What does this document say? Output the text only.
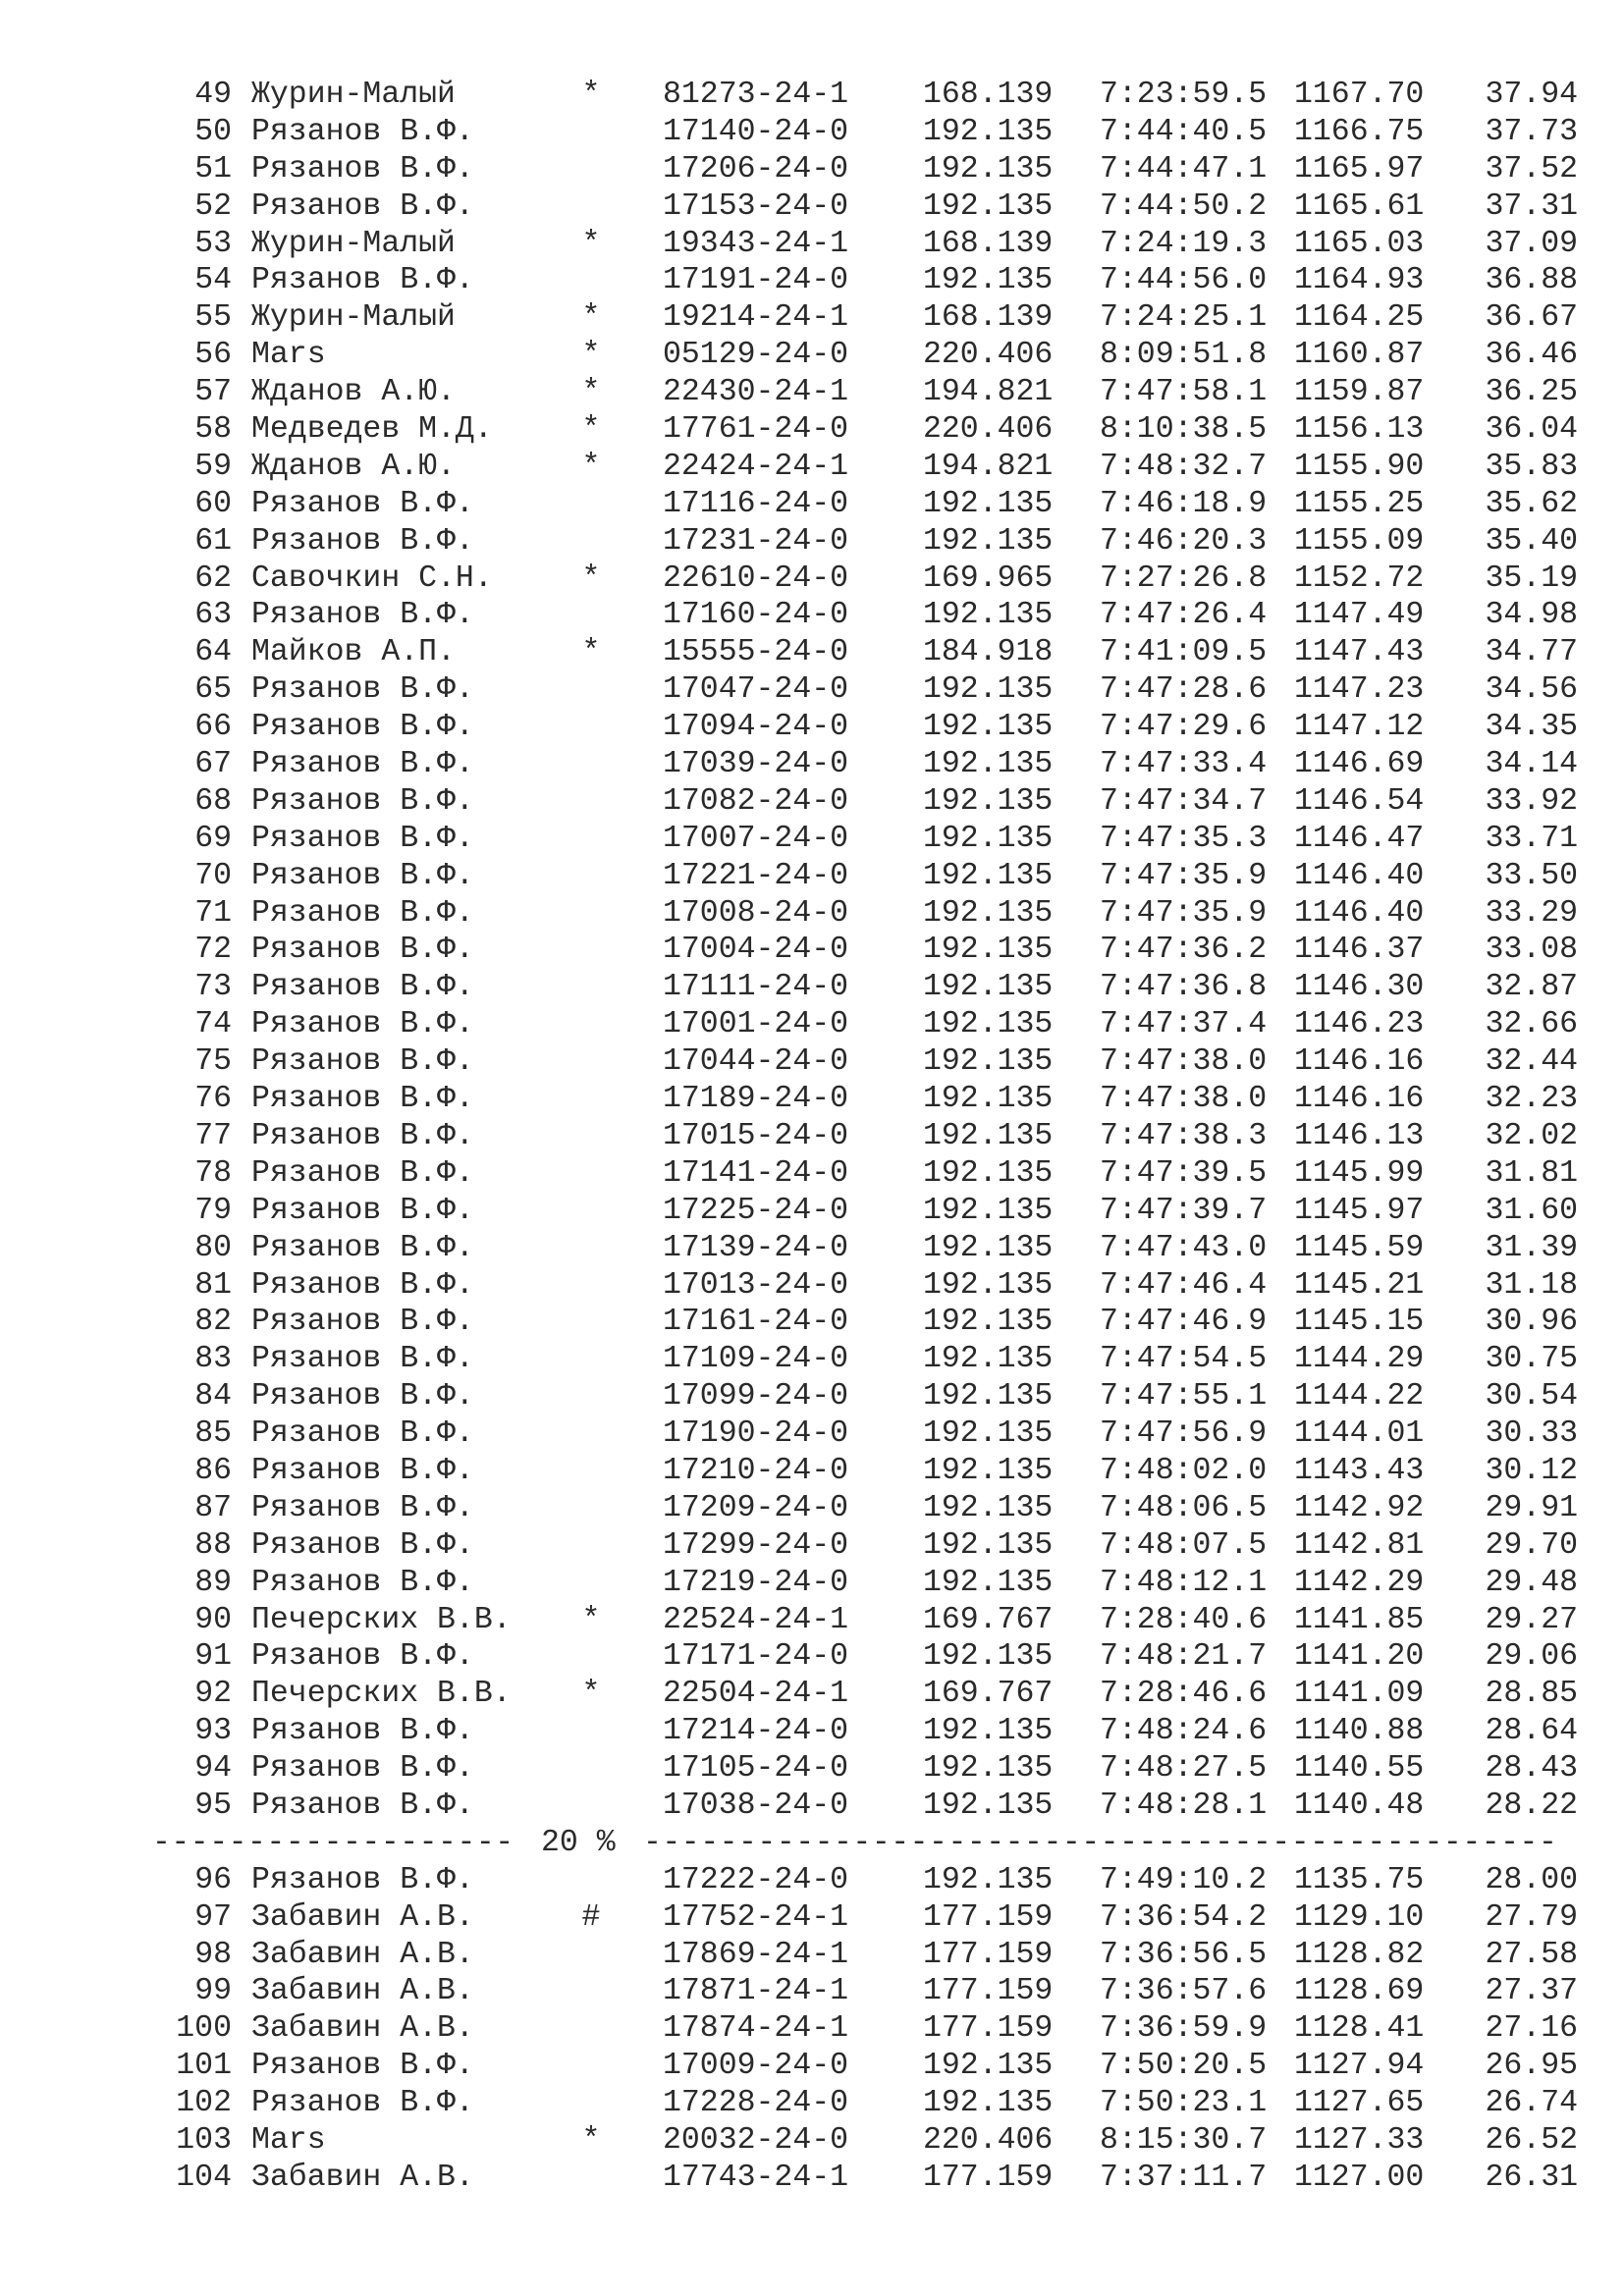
49 Журин-Малый	* 81273-24-1 168.139 7:23:59.5 1167.70	37.94
50 Рязанов В.Ф.	17140-24-0 192.135 7:44:40.5 1166.75	37.73
51 Рязанов В.Ф.	17206-24-0 192.135 7:44:47.1 1165.97	37.52
52 Рязанов В.Ф.	17153-24-0 192.135 7:44:50.2 1165.61	37.31
53 Журин-Малый	* 19343-24-1 168.139 7:24:19.3 1165.03	37.09
54 Рязанов В.Ф.	17191-24-0 192.135 7:44:56.0 1164.93	36.88
55 Журин-Малый	* 19214-24-1 168.139 7:24:25.1 1164.25	36.67
56 Mars	* 05129-24-0 220.406 8:09:51.8 1160.87	36.46
57 Жданов А.Ю.	* 22430-24-1 194.821 7:47:58.1 1159.87	36.25
58 Медведев М.Д.	* 17761-24-0 220.406 8:10:38.5 1156.13	36.04
59 Жданов А.Ю.	* 22424-24-1 194.821 7:48:32.7 1155.90	35.83
60 Рязанов В.Ф.	17116-24-0 192.135 7:46:18.9 1155.25	35.62
61 Рязанов В.Ф.	17231-24-0 192.135 7:46:20.3 1155.09	35.40
62 Савочкин С.Н.	* 22610-24-0 169.965 7:27:26.8 1152.72	35.19
63 Рязанов В.Ф.	17160-24-0 192.135 7:47:26.4 1147.49	34.98
64 Майков А.П.	* 15555-24-0 184.918 7:41:09.5 1147.43	34.77
65 Рязанов В.Ф.	17047-24-0 192.135 7:47:28.6 1147.23	34.56
66 Рязанов В.Ф.	17094-24-0 192.135 7:47:29.6 1147.12	34.35
67 Рязанов В.Ф.	17039-24-0 192.135 7:47:33.4 1146.69	34.14
68 Рязанов В.Ф.	17082-24-0 192.135 7:47:34.7 1146.54	33.92
69 Рязанов В.Ф.	17007-24-0 192.135 7:47:35.3 1146.47	33.71
70 Рязанов В.Ф.	17221-24-0 192.135 7:47:35.9 1146.40	33.50
71 Рязанов В.Ф.	17008-24-0 192.135 7:47:35.9 1146.40	33.29
72 Рязанов В.Ф.	17004-24-0 192.135 7:47:36.2 1146.37	33.08
73 Рязанов В.Ф.	17111-24-0 192.135 7:47:36.8 1146.30	32.87
74 Рязанов В.Ф.	17001-24-0 192.135 7:47:37.4 1146.23	32.66
75 Рязанов В.Ф.	17044-24-0 192.135 7:47:38.0 1146.16	32.44
76 Рязанов В.Ф.	17189-24-0 192.135 7:47:38.0 1146.16	32.23
77 Рязанов В.Ф.	17015-24-0 192.135 7:47:38.3 1146.13	32.02
78 Рязанов В.Ф.	17141-24-0 192.135 7:47:39.5 1145.99	31.81
79 Рязанов В.Ф.	17225-24-0 192.135 7:47:39.7 1145.97	31.60
80 Рязанов В.Ф.	17139-24-0 192.135 7:47:43.0 1145.59	31.39
81 Рязанов В.Ф.	17013-24-0 192.135 7:47:46.4 1145.21	31.18
82 Рязанов В.Ф.	17161-24-0 192.135 7:47:46.9 1145.15	30.96
83 Рязанов В.Ф.	17109-24-0 192.135 7:47:54.5 1144.29	30.75
84 Рязанов В.Ф.	17099-24-0 192.135 7:47:55.1 1144.22	30.54
85 Рязанов В.Ф.	17190-24-0 192.135 7:47:56.9 1144.01	30.33
86 Рязанов В.Ф.	17210-24-0 192.135 7:48:02.0 1143.43	30.12
87 Рязанов В.Ф.	17209-24-0 192.135 7:48:06.5 1142.92	29.91
88 Рязанов В.Ф.	17299-24-0 192.135 7:48:07.5 1142.81	29.70
89 Рязанов В.Ф.	17219-24-0 192.135 7:48:12.1 1142.29	29.48
90 Печерских В.В. * 22524-24-1 169.767 7:28:40.6 1141.85	29.27
91 Рязанов В.Ф.	17171-24-0 192.135 7:48:21.7 1141.20	29.06
92 Печерских В.В. * 22504-24-1 169.767 7:28:46.6 1141.09	28.85
93 Рязанов В.Ф.	17214-24-0 192.135 7:48:24.6 1140.88	28.64
94 Рязанов В.Ф.	17105-24-0 192.135 7:48:27.5 1140.55	28.43
95 Рязанов В.Ф.	17038-24-0 192.135 7:48:28.1 1140.48	28.22

-------------------

20 %

------------------------------------------------

96 Рязанов В.Ф.	17222-24-0 192.135 7:49:10.2 1135.75	28.00
97 Забавин А.В.	# 17752-24-1 177.159 7:36:54.2 1129.10	27.79
98 Забавин А.В.	17869-24-1 177.159 7:36:56.5 1128.82	27.58
99 Забавин А.В.	17871-24-1 177.159 7:36:57.6 1128.69	27.37
100 Забавин А.В.	17874-24-1 177.159 7:36:59.9 1128.41	27.16
101 Рязанов В.Ф.	17009-24-0 192.135 7:50:20.5 1127.94	26.95
102 Рязанов В.Ф.	17228-24-0 192.135 7:50:23.1 1127.65	26.74
103 Mars	* 20032-24-0 220.406 8:15:30.7 1127.33	26.52
104 Забавин А.В.	17743-24-1 177.159 7:37:11.7 1127.00	26.31
